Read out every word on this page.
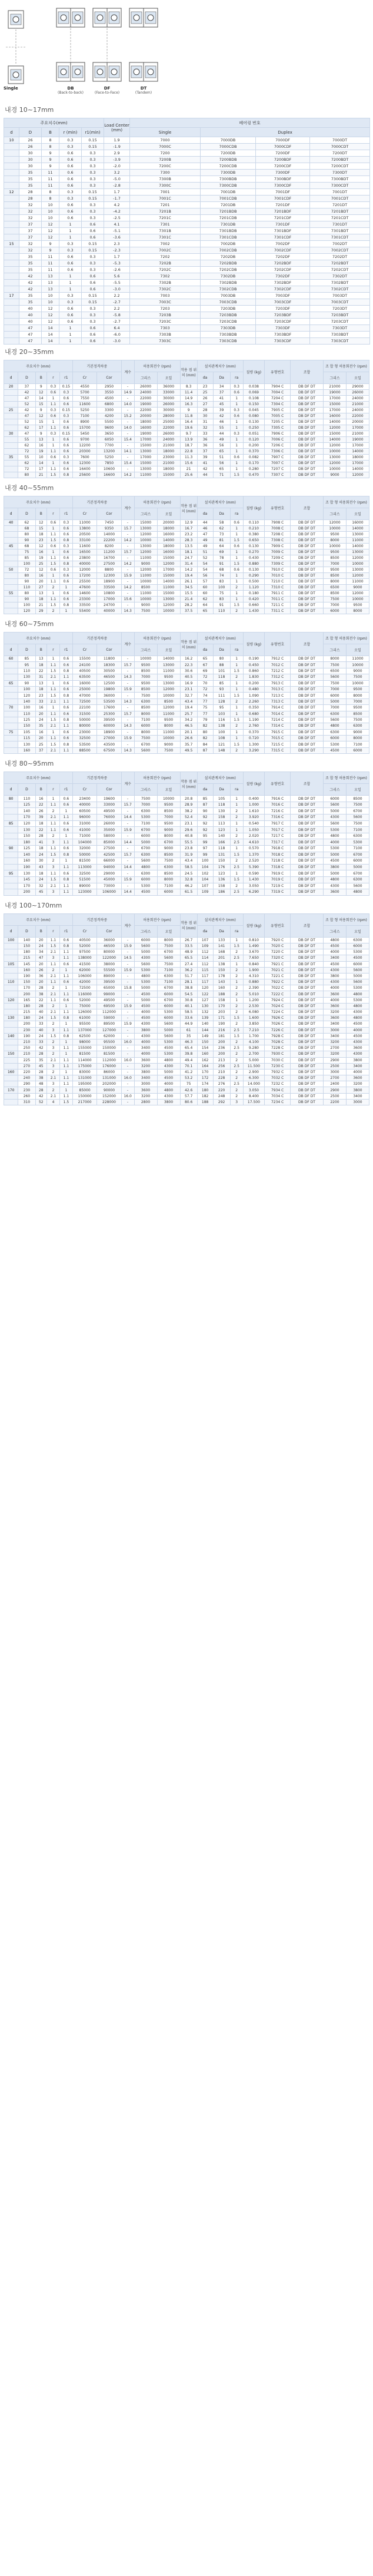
Single	DB
(Back-to-back)
DF
(Face-to-Face)
DT
(Tandem)
내경 10~17mm
주요치수(mm)					Load Center (mm)	베어링 번호			
d	D	B	r (min)	r1(min)		Single	Duplex		
10	26	8	0.3	0.15	1.9	7000	7000DB	7000DF	7000DT
	26	8	0.3	0.15	-1.9	7000C	7000CDB	7000CDF	7000CDT
	30	9	0.6	0.3	2.9	7200	7200DB	7200DF	7200DT
	30	9	0.6	0.3	-3.9	7200B	7200BDB	7200BDF	7200BDT
	30	9	0.6	0.3	-2.0	7200C	7200CDB	7200CDF	7200CDT
	35	11	0.6	0.3	3.2	7300	7300DB	7300DF	7300DT
	35	11	0.6	0.3	-5.0	7300B	7300BDB	7300BDF	7300BDT
	35	11	0.6	0.3	-2.8	7300C	7300CDB	7300CDF	7300CDT
12	28	8	0.3	0.15	1.7	7001	7001DB	7001DF	7001DT
	28	8	0.3	0.15	-1.7	7001C	7001CDB	7001CDF	7001CDT
	32	10	0.6	0.3	4.2	7201	7201DB	7201DF	7201DT
	32	10	0.6	0.3	-4.2	7201B	7201BDB	7201BDF	7201BDT
	32	10	0.6	0.3	-2.5	7201C	7201CDB	7201CDF	7201CDT
	37	12	1	0.6	4.1	7301	7301DB	7301DF	7301DT
	37	12	1	0.6	-5.1	7301B	7301BDB	7301BDF	7301BDT
	37	12	1	0.6	-3.6	7301C	7301CDB	7301CDF	7301CDT
15	32	9	0.3	0.15	2.3	7002	7002DB	7002DF	7002DT
	32	9	0.3	0.15	-2.3	7002C	7002CDB	7002CDF	7002CDT
	35	11	0.6	0.3	1.7	7202	7202DB	7202DF	7202DT
	35	11	0.6	0.3	-5.3	7202B	7202BDB	7202BDF	7202BDT
	35	11	0.6	0.3	-2.6	7202C	7202CDB	7202CDF	7202CDT
	42	13	1	0.6	5.6	7302	7302DB	7302DF	7302DT
	42	13	1	0.6	-5.5	7302B	7302BDB	7302BDF	7302BDT
	42	13	1	0.6	-3.0	7302C	7302CDB	7302CDF	7302CDT
17	35	10	0.3	0.15	2.2	7003	7003DB	7003DF	7003DT
	35	10	0.3	0.15	-2.7	7003C	7003CDB	7003CDF	7003CDT
	40	12	0.6	0.3	2.2	7203	7203DB	7203DF	7203DT
	40	12	0.6	0.3	-5.8	7203B	7203BDB	7203BDF	7203BDT
	40	12	0.6	0.3	-2.7	7203C	7203CDB	7203CDF	7203CDT
	47	14	1	0.6	6.4	7303	7303DB	7303DF	7303DT
	47	14	1	0.6	-6.0	7303B	7303BDB	7303BDF	7303BDT
	47	14	1	0.6	-3.0	7303C	7303CDB	7303CDF	7303CDT
내경 20~35mm
주요치수 (mm)					기본정격하중		계수	허용회전수 (rpm)		작용 점 위치 (mm)	설치관계치수 (mm)			질량 (kg)	유형번호	조합	조 합 형 허용회전수 (rpm)	
d	D	B	r	r1	Cr	Cor		그리스	오일		da	Da	ra				그리스	오일
20	37	9	0.3	0.15	4550	2950	-	26000	36000	8.3	23	34	0.3	0.038	7904 C	DB DF DT	21000	29000
	42	12	0.6	0.3	5700	3550	14.9	24000	33000	11.4	25	37	0.6	0.069	7004 C	DB DF DT	19000	26000
	47	14	1	0.6	7550	4500	-	22000	30000	14.9	26	41	1	0.108	7204 C	DB DF DT	17000	24000
	52	15	1.1	0.6	11600	6800	14.0	19000	26000	16.3	27	45	1	0.150	7304 C	DB DF DT	15000	21000
25	42	9	0.3	0.15	5250	3300	-	22000	30000	9	28	39	0.3	0.045	7905 C	DB DF DT	17000	24000
	47	12	0.6	0.3	7100	4200	15.2	20000	28000	11.8	30	42	0.6	0.080	7005 C	DB DF DT	16000	22000
	52	15	1	0.6	8900	5500	-	18000	25000	16.4	31	46	1	0.130	7205 C	DB DF DT	14000	20000
	62	17	1.1	0.6	15700	9600	14.0	16000	22000	19.6	32	55	1	0.250	7305 C	DB DF DT	12000	17000
30	47	9	0.3	0.15	5450	3650	-	19000	26000	9.7	33	44	0.3	0.051	7906 C	DB DF DT	15000	21000
	55	13	1	0.6	9700	6050	15.4	17000	24000	13.9	36	49	1	0.120	7006 C	DB DF DT	14000	19000
	62	16	1	0.6	12200	7700	-	15000	21000	18.7	36	56	1	0.200	7206 C	DB DF DT	12000	17000
	72	19	1.1	0.6	20300	13200	14.1	13000	18000	22.8	37	65	1	0.370	7306 C	DB DF DT	10000	14000
35	55	10	0.6	0.3	7600	5250	-	17000	23000	11.3	39	51	0.6	0.082	7907 C	DB DF DT	13000	18000
	62	14	1	0.6	12300	7850	15.4	15000	21000	15.6	41	56	1	0.170	7007 C	DB DF DT	12000	17000
	72	17	1.1	0.6	16400	10600	-	13000	18000	21	42	65	1	0.280	7207 C	DB DF DT	10000	14000
	80	21	1.5	0.8	25600	16600	14.2	11000	15000	25.6	44	71	1.5	0.470	7307 C	DB DF DT	9000	12000
내경 40~55mm
주요치수 (mm)					기본정격하중		계수	허용회전수 (rpm)		작용 점 위치 (mm)	설치관계치수 (mm)			질량 (kg)	유형번호	조합	조 합 형 허용회전수 (rpm)	
d	D	B	r	r1	Cr	Cor		그리스	오일		da	Da	ra				그리스	오일
40	62	12	0.6	0.3	11000	7450	-	15000	20000	12.9	44	58	0.6	0.110	7908 C	DB DF DT	12000	16000
	68	15	1	0.6	13800	9350	15.7	13000	18000	16.7	46	62	1	0.210	7008 C	DB DF DT	10000	14000
	80	18	1.1	0.6	20500	14000	-	12000	16000	23.2	47	73	1	0.380	7208 C	DB DF DT	9500	13000
	90	23	1.5	0.8	33100	22200	14.2	10000	14000	28.3	49	81	1.5	0.650	7308 C	DB DF DT	8000	11000
45	68	12	0.6	0.3	11600	8200	-	13000	18000	13.5	49	64	0.6	0.130	7909 C	DB DF DT	10000	14000
	75	16	1	0.6	16500	11200	15.7	12000	16000	18.1	51	69	1	0.270	7009 C	DB DF DT	9500	13000
	85	19	1.1	0.6	23800	16700	-	11000	15000	24.7	52	78	1	0.430	7209 C	DB DF DT	8500	12000
	100	25	1.5	0.8	40000	27500	14.2	9000	12000	31.4	54	91	1.5	0.880	7309 C	DB DF DT	7000	10000
50	72	12	0.6	0.3	12000	8800	-	12000	17000	14.2	54	68	0.6	0.130	7910 C	DB DF DT	9500	13000
	80	16	1	0.6	17200	12300	15.9	11000	15000	19.4	56	74	1	0.290	7010 C	DB DF DT	8500	12000
	90	20	1.1	0.6	25500	18900	-	10000	14000	26.1	57	83	1	0.500	7210 C	DB DF DT	8000	11000
	110	27	2	1	47600	33500	14.2	8500	11000	34.5	60	100	2	1.120	7310 C	DB DF DT	6500	9000
55	80	13	1	0.6	14600	10800	-	11000	15000	15.5	60	75	1	0.180	7911 C	DB DF DT	8500	12000
	90	18	1.1	0.6	23300	17000	15.6	10000	13000	21.4	62	83	1	0.420	7011 C	DB DF DT	7500	10000
	100	21	1.5	0.8	33500	24700	-	9000	12000	28.2	64	91	1.5	0.660	7211 C	DB DF DT	7000	9500
	120	29	2	1	55400	40000	14.3	7500	10000	37.5	65	110	2	1.430	7311 C	DB DF DT	6000	8000
내경 60~75mm
주요치수 (mm)					기본정격하중		계수	허용회전수 (rpm)		작용 점 위치 (mm)	설치관계치수 (mm)			질량 (kg)	유형번호	조합	조 합 형 허용회전수 (rpm)	
d	D	B	r	r1	Cr	Cor		그리스	오일		da	Da	ra				그리스	오일
60	85	13	1	0.6	15500	11800	-	10000	14000	16.2	65	80	1	0.190	7912 C	DB DF DT	8000	11000
	95	18	1.1	0.6	24100	18300	15.7	9500	13000	22.3	67	88	1	0.450	7012 C	DB DF DT	7500	10000
	110	22	1.5	0.8	40500	30500	-	8500	11000	30.6	69	101	1.5	0.860	7212 C	DB DF DT	6500	9000
	130	31	2.1	1.1	63500	46500	14.3	7000	9500	40.5	72	118	2	1.830	7312 C	DB DF DT	5600	7500
65	90	13	1	0.6	16000	12500	-	9500	13000	16.9	70	85	1	0.200	7913 C	DB DF DT	7500	10000
	100	18	1.1	0.6	25000	19800	15.9	8500	12000	23.1	72	93	1	0.480	7013 C	DB DF DT	7000	9500
	120	23	1.5	0.8	47000	36000	-	7500	10000	32.7	74	111	1.5	1.090	7213 C	DB DF DT	6000	8000
	140	33	2.1	1.1	72500	53500	14.3	6300	8500	43.4	77	128	2	2.260	7313 C	DB DF DT	5000	7000
70	100	16	1	0.6	22100	17600	-	8500	12000	19.4	75	95	1	0.350	7914 C	DB DF DT	7000	9500
	110	20	1.1	0.6	31500	25300	15.7	8000	11000	25.7	77	103	1	0.680	7014 C	DB DF DT	6300	8500
	125	24	1.5	0.8	50000	39500	-	7100	9500	34.2	79	116	1.5	1.190	7214 C	DB DF DT	5600	7500
	150	35	2.1	1.1	80000	60000	14.3	6000	8000	46.5	82	138	2	2.760	7314 C	DB DF DT	4800	6300
75	105	16	1	0.6	23000	18900	-	8000	11000	20.1	80	100	1	0.370	7915 C	DB DF DT	6300	9000
	115	20	1.1	0.6	32500	27000	15.9	7500	10000	26.6	82	108	1	0.720	7015 C	DB DF DT	6000	8000
	130	25	1.5	0.8	53500	43500	-	6700	9000	35.7	84	121	1.5	1.300	7215 C	DB DF DT	5300	7100
	160	37	2.1	1.1	88500	67500	14.3	5600	7500	49.5	87	148	2	3.290	7315 C	DB DF DT	4500	6000
내경 80~95mm
주요치수 (mm)					기본정격하중		계수	허용회전수 (rpm)		작용 점 위치 (mm)	설치관계치수 (mm)			질량 (kg)	유형번호	조합	조 합 형 허용회전수 (rpm)	
d	D	B	r	r1	Cr	Cor		그리스	오일		da	Da	ra				그리스	오일
80	110	16	1	0.6	23400	19600	-	7500	10000	20.8	85	105	1	0.400	7916 C	DB DF DT	6000	8500
	125	22	1.1	0.6	40000	33000	15.7	7000	9500	28.9	87	118	1	1.000	7016 C	DB DF DT	5600	7500
	140	26	2	1	60500	49500	-	6300	8500	38.2	90	130	2	1.610	7216 C	DB DF DT	5000	6700
	170	39	2.1	1.1	96000	76000	14.4	5300	7000	52.4	92	158	2	3.920	7316 C	DB DF DT	4300	5600
85	120	18	1.1	0.6	31000	26000	-	7100	9500	23.1	92	113	1	0.540	7917 C	DB DF DT	5600	7500
	130	22	1.1	0.6	41000	35000	15.9	6700	9000	29.6	92	123	1	1.050	7017 C	DB DF DT	5300	7100
	150	28	2	1	71000	58000	-	6000	8000	40.8	95	140	2	2.020	7217 C	DB DF DT	4800	6300
	180	41	3	1.1	104000	85000	14.4	5000	6700	55.5	99	166	2.5	4.610	7317 C	DB DF DT	4000	5300
90	125	18	1.1	0.6	32000	27500	-	6700	9000	23.8	97	118	1	0.570	7918 C	DB DF DT	5300	7100
	140	24	1.5	0.8	50000	42500	15.7	6300	8500	31.9	99	131	1.5	1.370	7018 C	DB DF DT	5000	6700
	160	30	2	1	81500	66000	-	5600	7500	43.4	100	150	2	2.520	7218 C	DB DF DT	4500	6000
	190	43	3	1.1	113000	94000	14.4	4800	6300	58.5	104	176	2.5	5.390	7318 C	DB DF DT	3800	5000
95	130	18	1.1	0.6	32500	29000	-	6300	8500	24.5	102	123	1	0.590	7919 C	DB DF DT	5000	6700
	145	24	1.5	0.8	51500	45000	15.9	6000	8000	32.8	104	136	1.5	1.430	7019 C	DB DF DT	4800	6300
	170	32	2.1	1.1	89000	73000	-	5300	7100	46.2	107	158	2	3.050	7219 C	DB DF DT	4300	5600
	200	45	3	1.1	123000	106000	14.4	4500	6000	61.5	109	186	2.5	6.290	7319 C	DB DF DT	3600	4800
내경 100~170mm
주요치수 (mm)					기본정격하중		계수	허용회전수 (rpm)		작용 점 위치 (mm)	설치관계치수 (mm)			질량 (kg)	유형번호	조합	조 합 형 허용회전수 (rpm)	
d	D	B	r	r1	Cr	Cor		그리스	오일		da	Da	ra				그리스	오일
100	140	20	1.1	0.6	40500	36000	-	6000	8000	26.7	107	133	1	0.810	7920 C	DB DF DT	4800	6300
	150	24	1.5	0.8	52000	46500	15.9	5600	7500	33.5	109	141	1.5	1.490	7020 C	DB DF DT	4500	6000
	180	34	2.1	1.1	97500	80000	-	5000	6700	48.9	112	168	2	3.670	7220 C	DB DF DT	4000	5300
	215	47	3	1.1	138000	122000	14.5	4300	5600	65.5	114	201	2.5	7.650	7320 C	DB DF DT	3400	4500
105	145	20	1.1	0.6	41500	38000	-	5600	7500	27.4	112	138	1	0.840	7921 C	DB DF DT	4500	6000
	160	26	2	1	62000	55500	15.9	5300	7100	36.2	115	150	2	1.900	7021 C	DB DF DT	4300	5600
	190	36	2.1	1.1	106000	89000	-	4800	6300	51.7	117	178	2	4.310	7221 C	DB DF DT	3800	5000
110	150	20	1.1	0.6	42000	39500	-	5300	7100	28.1	117	143	1	0.880	7922 C	DB DF DT	4300	5600
	170	28	2	1	72500	65000	15.8	5000	6700	38.8	120	160	2	2.390	7022 C	DB DF DT	4000	5300
	200	38	2.1	1.1	116000	99000	-	4500	6000	54.5	122	188	2	5.010	7222 C	DB DF DT	3600	4800
120	165	22	1.1	0.6	52000	49500	-	5000	6700	30.8	127	158	1	1.200	7924 C	DB DF DT	4000	5300
	180	28	2	1	75000	69500	15.9	4500	6000	40.1	130	170	2	2.530	7024 C	DB DF DT	3600	4800
	215	40	2.1	1.1	126000	112000	-	4000	5300	58.5	132	203	2	6.080	7224 C	DB DF DT	3200	4300
130	180	24	1.5	0.8	61000	59000	-	4500	6000	33.6	139	171	1.5	1.600	7926 C	DB DF DT	3600	4800
	200	33	2	1	95500	89500	15.9	4300	5600	44.9	140	190	2	3.850	7026 C	DB DF DT	3400	4500
	230	40	3	1.1	137000	127000	-	3800	5000	61	144	216	2.5	7.210	7226 C	DB DF DT	3000	4000
140	190	24	1.5	0.8	62500	62000	-	4300	5600	35	149	181	1.5	1.700	7928 C	DB DF DT	3400	4500
	210	33	2	1	98000	95500	16.0	4000	5300	46.3	150	200	2	4.100	7028 C	DB DF DT	3200	4300
	250	42	3	1.1	155000	150000	-	3400	4500	65.4	154	236	2.5	9.280	7228 C	DB DF DT	2700	3600
150	210	28	2	1	81500	81500	-	4000	5300	39.8	160	200	2	2.700	7930 C	DB DF DT	3200	4300
	225	35	2.1	1.1	114000	112000	16.0	3600	4800	49.4	162	213	2	5.000	7030 C	DB DF DT	2900	3800
	270	45	3	1.1	175000	176000	-	3200	4300	70.1	164	256	2.5	11.500	7230 C	DB DF DT	2500	3400
160	220	28	2	1	83000	86000	-	3800	5000	41.2	170	210	2	2.900	7932 C	DB DF DT	3000	4000
	240	38	2.1	1.1	131000	131000	16.0	3400	4500	53.2	172	228	2	6.300	7032 C	DB DF DT	2700	3600
	290	48	3	1.1	195000	202000	-	3000	4000	75	174	276	2.5	14.000	7232 C	DB DF DT	2400	3200
170	230	28	2	1	85000	90000	-	3600	4800	42.6	180	220	2	3.050	7934 C	DB DF DT	2900	3800
	260	42	2.1	1.1	150000	152000	16.0	3200	4300	57.7	182	248	2	8.400	7034 C	DB DF DT	2500	3400
	310	52	4	1.5	217000	228000	-	2800	3800	80.6	188	292	3	17.500	7234 C	DB DF DT	2200	3000
